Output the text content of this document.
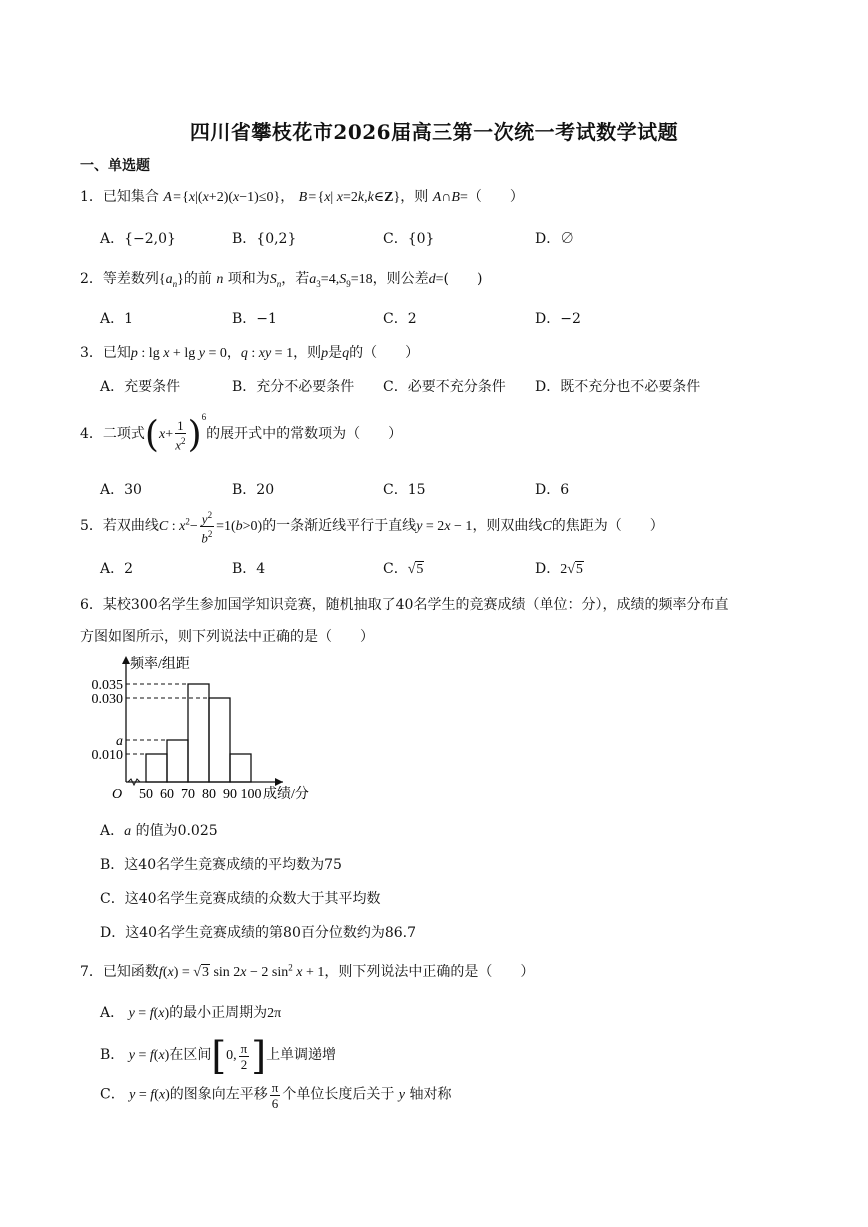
四川省攀枝花市2026届高三第一次统一考试数学试题
一、单选题
1．已知集合 A = {x|(x+2)(x−1)≤0}， B = {x| x=2k,k∈Z}，则 A∩B=（　　）
A．{−2,0}	B．{0,2}	C．{0}	D．∅
2．等差数列$\{a_n\}$的前 n 项和为$S_n$，若$a_3=4,S_9=18$，则公差d=(　　)
A．1	B．−1	C．2	D．−2
3．已知p : lg x + lg y = 0，q : xy = 1，则p是q的（　　）
A．充要条件	B．充分不必要条件 C．必要不充分条件 D．既不充分也不必要条件
4．二项式$(x+ \frac{1}{x^2} )^6$的展开式中的常数项为（　　）
A．30	B．20	C．15	D．6
5．若双曲线C : $x^2- \frac{y^2}{b^2} =1(b>0)$的一条渐近线平行于直线y = 2x − 1，则双曲线C的焦距为（　　）
A．2	B．4	C．√5	D．2√5
6．某校300名学生参加国学知识竞赛，随机抽取了40名学生的竞赛成绩（单位：分），成绩的频率分布直
方图如图所示，则下列说法中正确的是（　　）
0.035
0.030
a
0.010
频率/组距
O 50 60 70 80 90 100 成绩/分
A．a 的值为0.025
B．这40名学生竞赛成绩的平均数为75
C．这40名学生竞赛成绩的众数大于其平均数
D．这40名学生竞赛成绩的第80百分位数约为86.7
7．已知函数f(x) = √3 sin 2x − 2 $\sin^2 x + 1$，则下列说法中正确的是（　　）
A． y = f(x)的最小正周期为2π
B． y = f(x)在区间[0, $\frac{\pi}{2}$ ]上单调递增
C． y = f(x)的图象向左平移 $\frac{\pi}{6}$ 个单位长度后关于 y 轴对称
